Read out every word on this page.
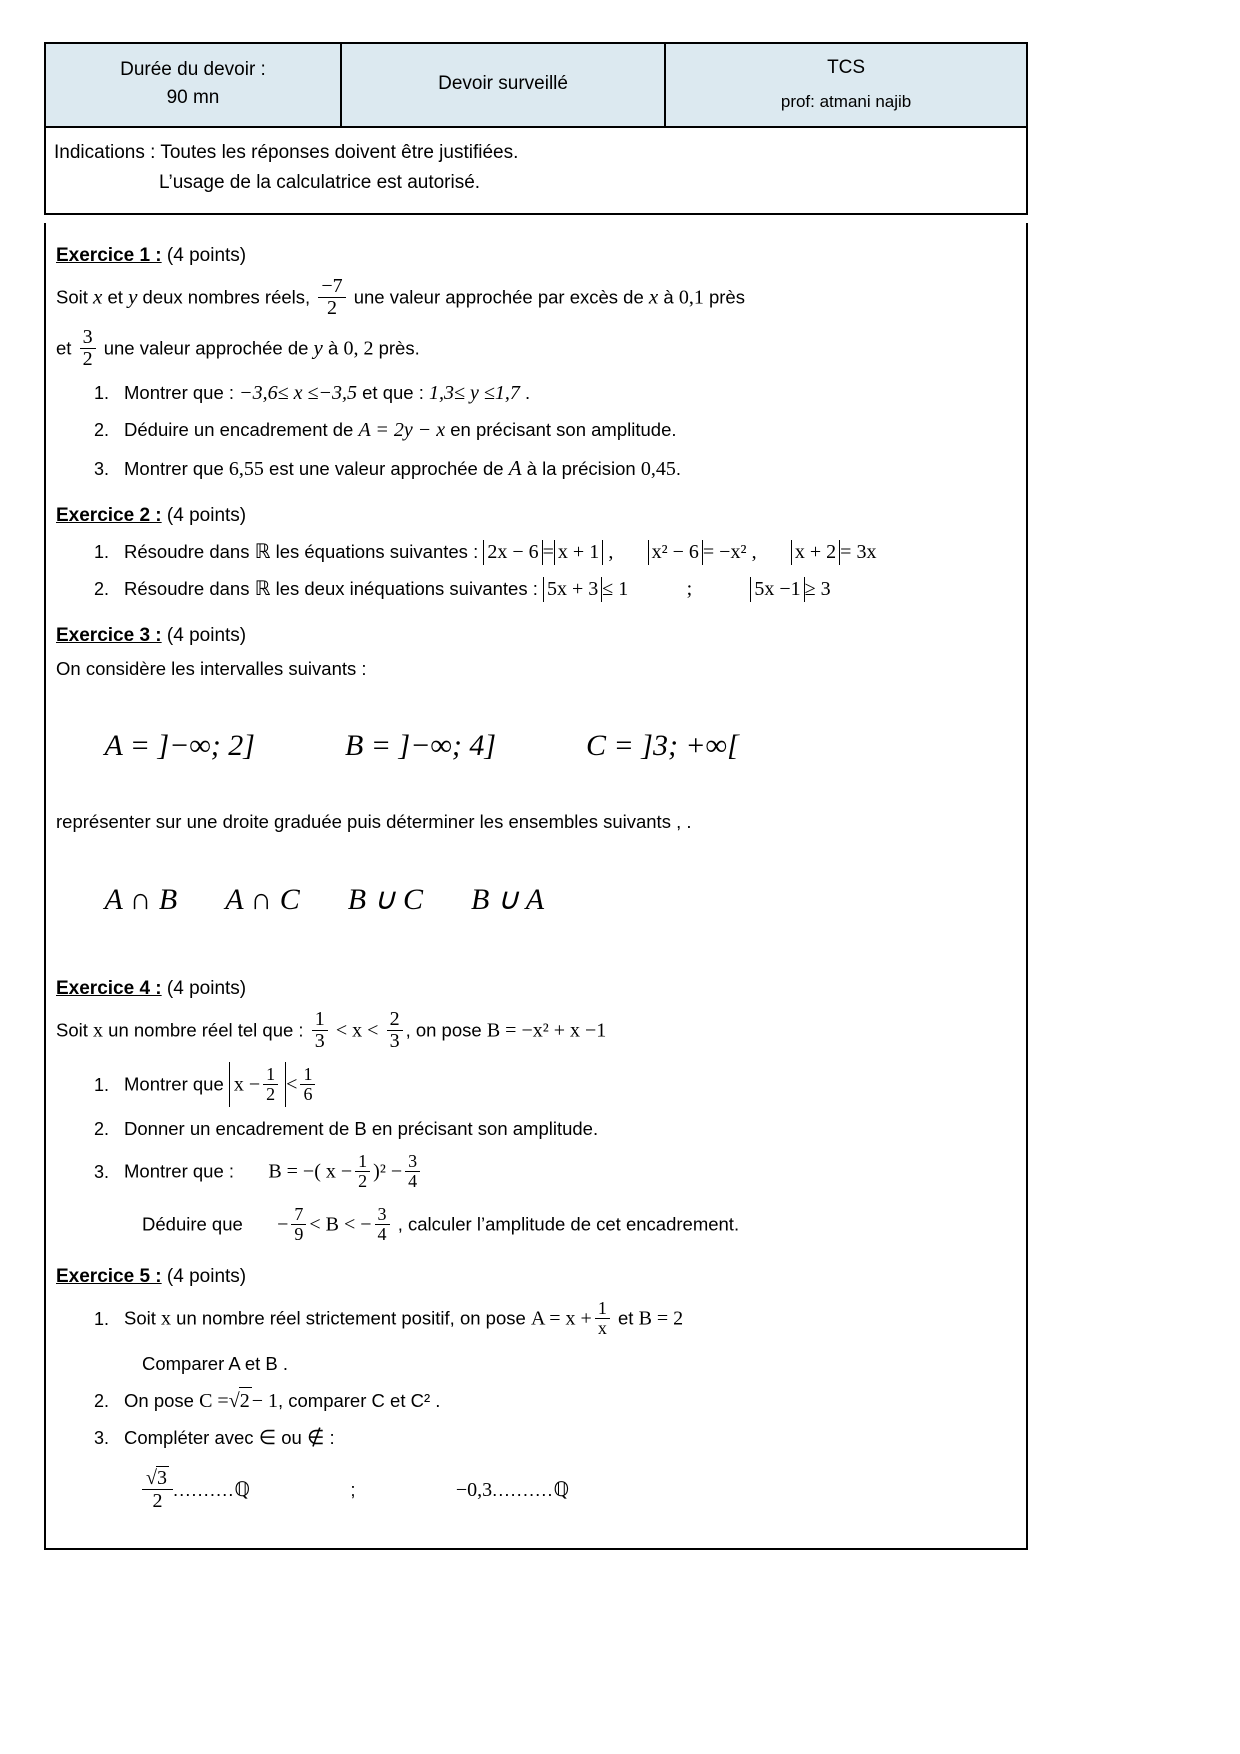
Durée du devoir :
90 mn	Devoir surveillé	TCS
prof: atmani najib
Indications : Toutes les réponses doivent être justifiées.
L’usage de la calculatrice est autorisé.

Exercice 1 : (4 points)

Soit x et y deux nombres réels, $\frac{-7}{2}$ une valeur approchée par excès de x à 0,1 près

et $\frac{3}{2}$ une valeur approchée de y à 0, 2 près.

1. Montrer que : −3,6≤ x ≤−3,5 et que : 1,3≤ y ≤1,7 .
2. Déduire un encadrement de A = 2y − x en précisant son amplitude.
3. Montrer que 6,55 est une valeur approchée de A à la précision 0,45.

Exercice 2 : (4 points)

1. Résoudre dans ℝ les équations suivantes : 2x − 6 = x + 1 , x² − 6 = −x² , x + 2 = 3x
2. Résoudre dans ℝ les deux inéquations suivantes : 5x + 3 ≤ 1	;	5x −1 ≥ 3

Exercice 3 : (4 points)

On considère les intervalles suivants :

A = ]−∞; 2]	B = ]−∞; 4]	C = ]3; +∞[

représenter sur une droite graduée puis déterminer les ensembles suivants , .

A ∩ B A ∩ C B ∪ C B ∪ A

Exercice 4 : (4 points)

Soit x un nombre réel tel que : $\frac{1}{3} < x < \frac{2}{3}$ , on pose B = −x² + x −1

1. Montrer que $x - \frac{1}{2} < \frac{1}{6}$
2. Donner un encadrement de B en précisant son amplitude.
3. Montrer que : B = −( $x - \frac{1}{2} )^2 - \frac{3}{4}$
Déduire que − $\frac{7}{9} < B$ < − $\frac{3}{4}$ , calculer l’amplitude de cet encadrement.

Exercice 5 : (4 points)

1. Soit x un nombre réel strictement positif, on pose $A = x + \frac{1}{x}$ et B = 2
Comparer A et B .
2. On pose C =√2 − 1, comparer C et C² .
3. Compléter avec ∈ ou ∉ :
$\frac{√3}{2}$ ..........ℚ	;	−0,3..........ℚ
